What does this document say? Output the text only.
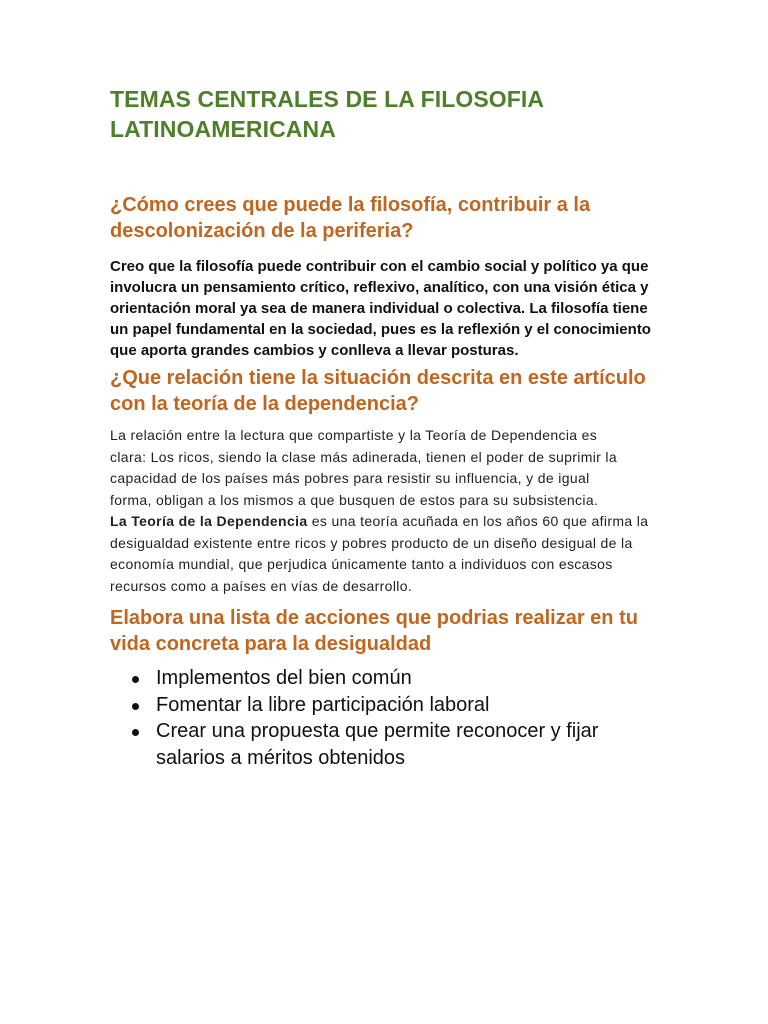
TEMAS CENTRALES DE LA FILOSOFIA LATINOAMERICANA
¿Cómo crees que puede la filosofía, contribuir a la descolonización de la periferia?

Creo que la filosofía puede contribuir con el cambio social y político ya que involucra un pensamiento crítico, reflexivo, analítico, con una visión ética y orientación moral ya sea de manera individual o colectiva. La filosofía tiene un papel fundamental en la sociedad, pues es la reflexión y el conocimiento que aporta grandes cambios y conlleva a llevar posturas.

¿Que relación tiene la situación descrita en este artículo con la teoría de la dependencia?

La relación entre la lectura que compartiste y la Teoría de Dependencia es clara: Los ricos, siendo la clase más adinerada, tienen el poder de suprimir la capacidad de los países más pobres para resistir su influencia, y de igual forma, obligan a los mismos a que busquen de estos para su subsistencia.

La Teoría de la Dependencia es una teoría acuñada en los años 60 que afirma la desigualdad existente entre ricos y pobres producto de un diseño desigual de la economía mundial, que perjudica únicamente tanto a individuos con escasos recursos como a países en vías de desarrollo.

Elabora una lista de acciones que podrias realizar en tu vida concreta para la desigualdad
Implementos del bien común
Fomentar la libre participación laboral
Crear una propuesta que permite reconocer y fijar salarios a méritos obtenidos
